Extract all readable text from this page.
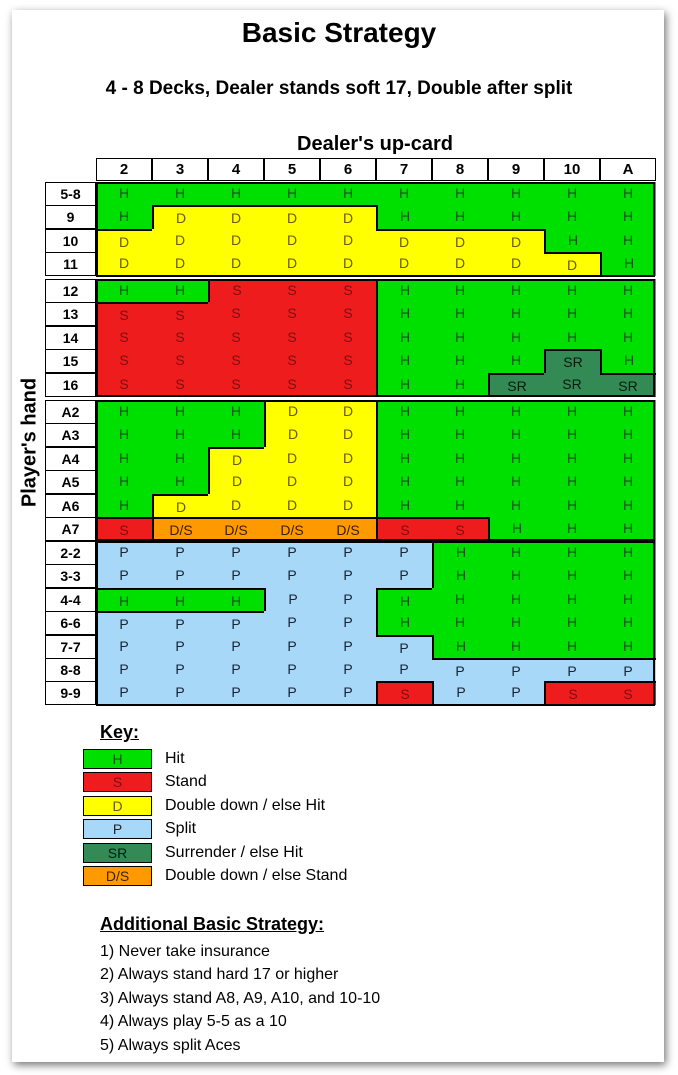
Basic Strategy
4 - 8 Decks, Dealer stands soft 17, Double after split
Dealer's up-card
Player's hand
2	3	4	5	6	7	8	9	10	A
5-8	H	H	H	H	H	H	H	H	H	H
9	H	D	D	D	D	H	H	H	H	H
10	D	D	D	D	D	D	D	D	H	H
11	D	D	D	D	D	D	D	D	D	H
12	H	H	S	S	S	H	H	H	H	H
13	S	S	S	S	S	H	H	H	H	H
14	S	S	S	S	S	H	H	H	H	H
15	S	S	S	S	S	H	H	H	SR	H
16	S	S	S	S	S	H	H	SR	SR	SR
A2	H	H	H	D	D	H	H	H	H	H
A3	H	H	H	D	D	H	H	H	H	H
A4	H	H	D	D	D	H	H	H	H	H
A5	H	H	D	D	D	H	H	H	H	H
A6	H	D	D	D	D	H	H	H	H	H
A7	S	D/S	D/S	D/S	D/S	S	S	H	H	H
2-2	P	P	P	P	P	P	H	H	H	H
3-3	P	P	P	P	P	P	H	H	H	H
4-4	H	H	H	P	P	H	H	H	H	H
6-6	P	P	P	P	P	H	H	H	H	H
7-7	P	P	P	P	P	P	H	H	H	H
8-8	P	P	P	P	P	P	P	P	P	P
9-9	P	P	P	P	P	S	P	P	S	S
Key:
H	Hit
S	Stand
D	Double down / else Hit
P	Split
SR	Surrender / else Hit
D/S	Double down / else Stand
Additional Basic Strategy:
1) Never take insurance
2) Always stand hard 17 or higher
3) Always stand A8, A9, A10, and 10-10
4) Always play 5-5 as a 10
5) Always split Aces
